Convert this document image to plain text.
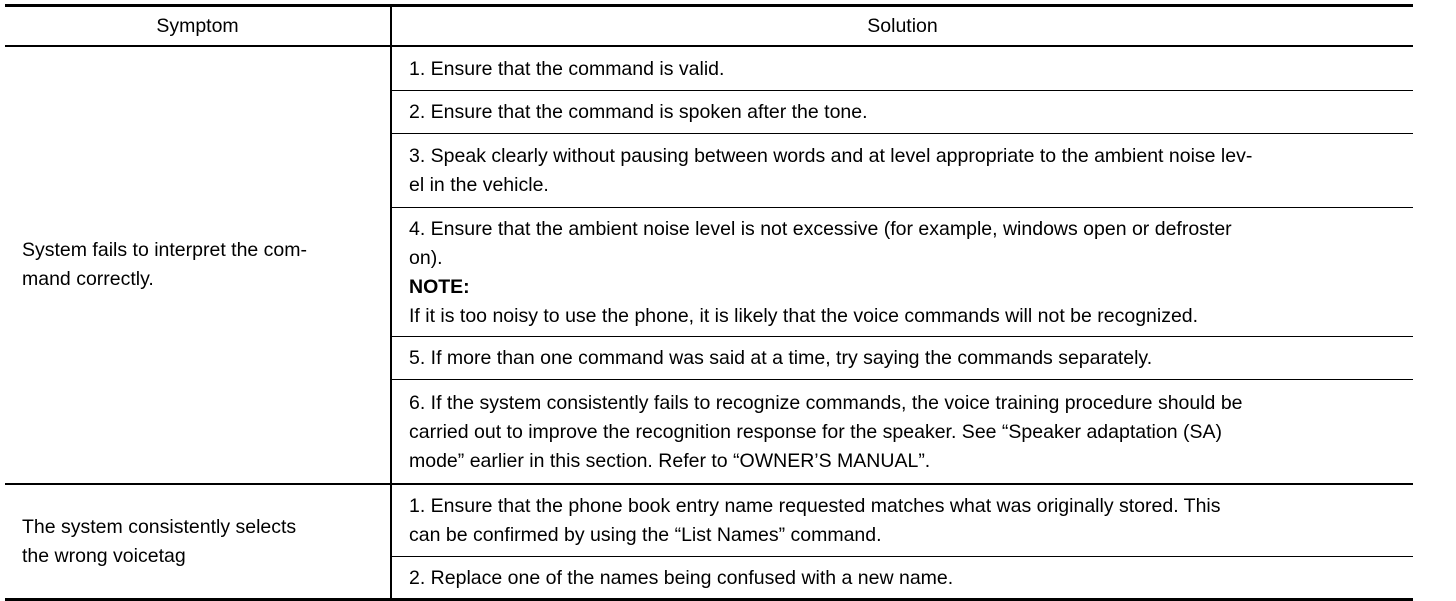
Symptom	Solution
System fails to interpret the com-
mand correctly.	1. Ensure that the command is valid.
	2. Ensure that the command is spoken after the tone.
	3. Speak clearly without pausing between words and at level appropriate to the ambient noise lev-
el in the vehicle.

	4. Ensure that the ambient noise level is not excessive (for example, windows open or defroster
on).
NOTE:
If it is too noisy to use the phone, it is likely that the voice commands will not be recognized.

	5. If more than one command was said at a time, try saying the commands separately.
	6. If the system consistently fails to recognize commands, the voice training procedure should be
carried out to improve the recognition response for the speaker. See “Speaker adaptation (SA)
mode” earlier in this section. Refer to “OWNER’S MANUAL”.
The system consistently selects
the wrong voicetag	1. Ensure that the phone book entry name requested matches what was originally stored. This
can be confirmed by using the “List Names” command.
	2. Replace one of the names being confused with a new name.
